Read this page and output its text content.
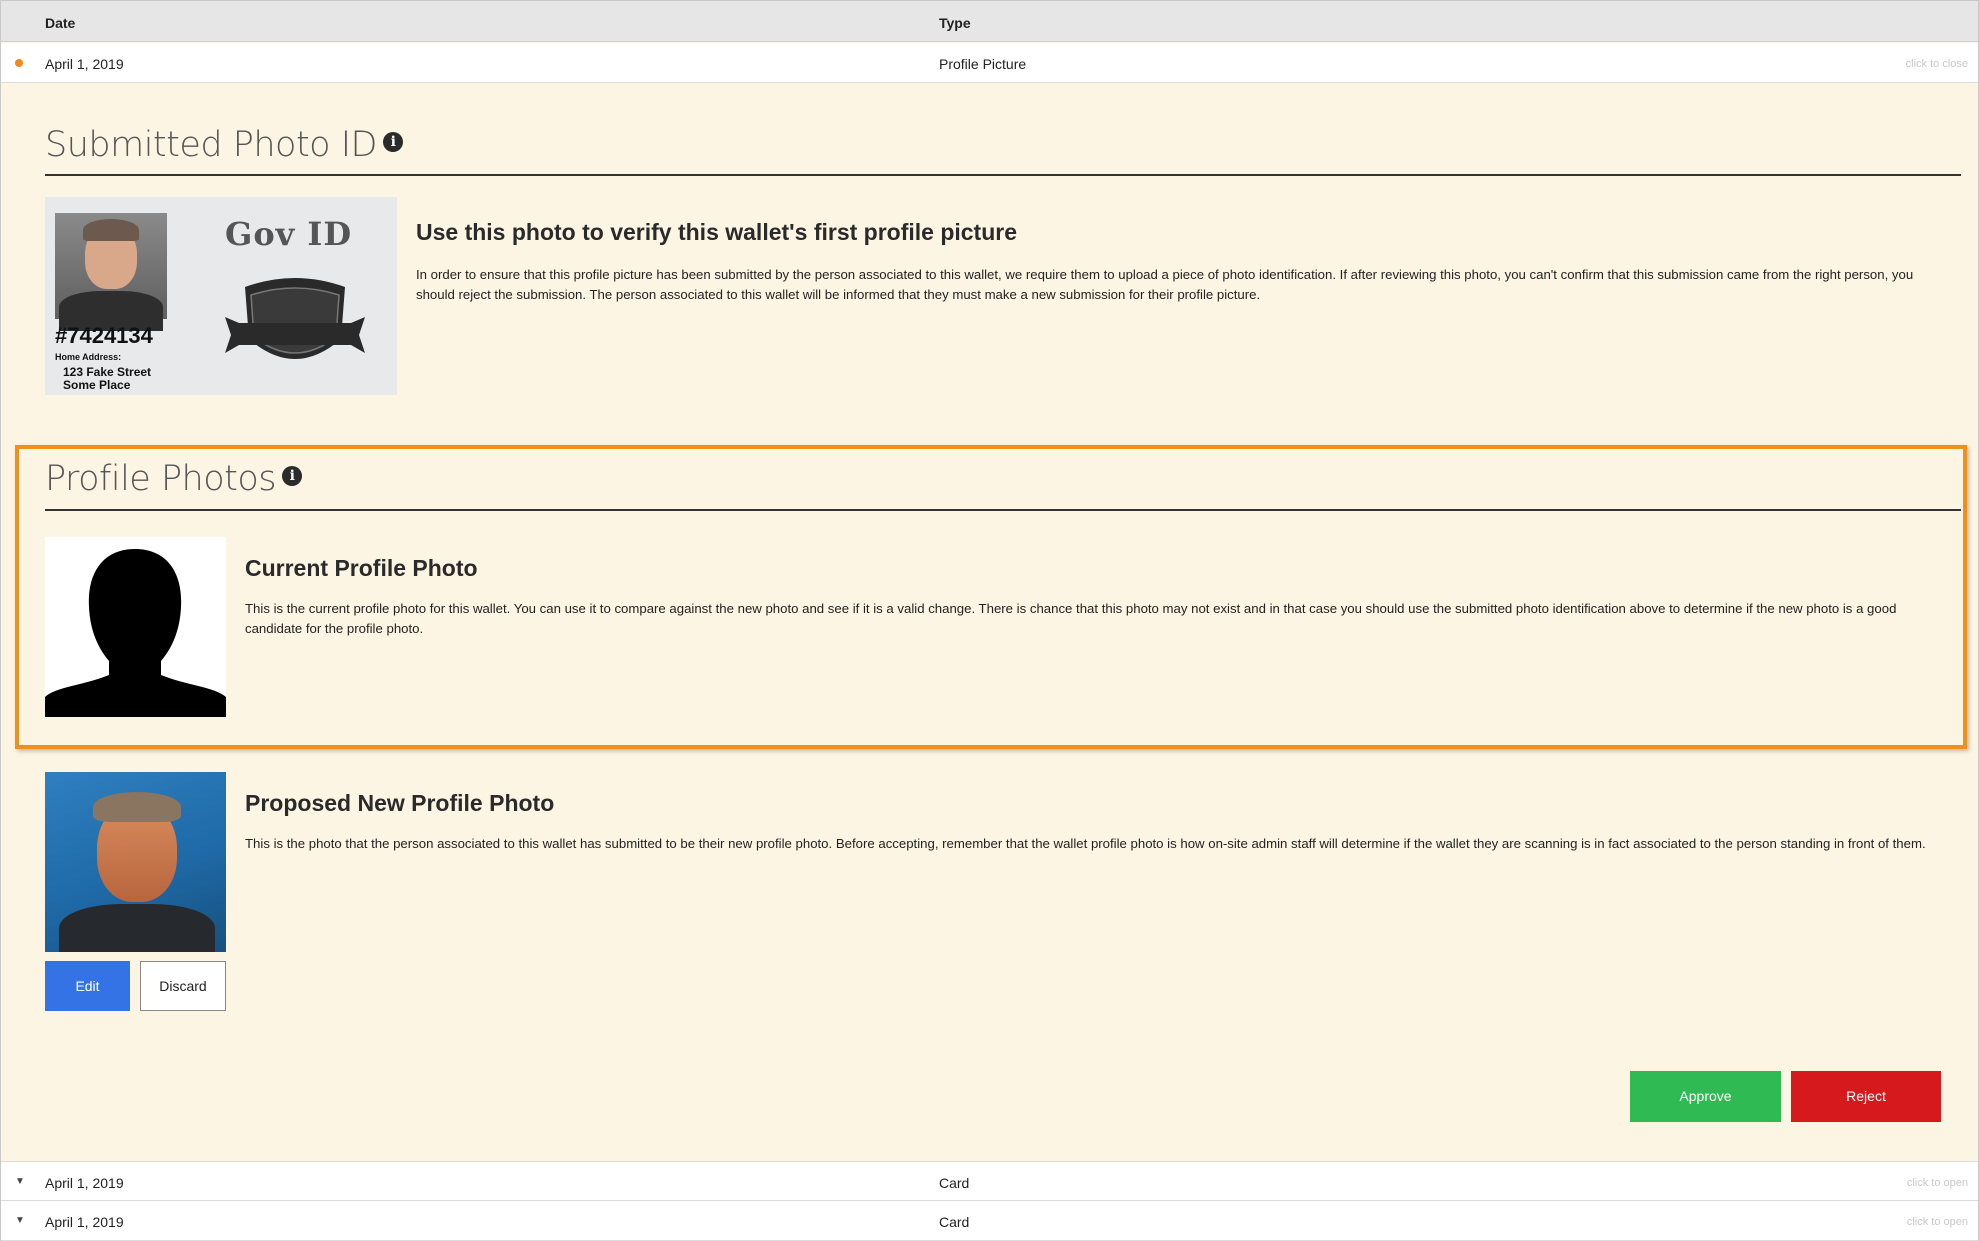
Date	Type
April 1, 2019	Profile Picture	click to close
Submitted Photo ID i
Gov ID
#7424134
Home Address:
123 Fake Street
Some Place
Use this photo to verify this wallet's first profile picture
In order to ensure that this profile picture has been submitted by the person associated to this wallet, we require them to upload a piece of photo identification. If after reviewing this photo, you can't confirm that this submission came from the right person, you should reject the submission. The person associated to this wallet will be informed that they must make a new submission for their profile picture.
Profile Photos i
Current Profile Photo
This is the current profile photo for this wallet. You can use it to compare against the new photo and see if it is a valid change. There is chance that this photo may not exist and in that case you should use the submitted photo identification above to determine if the new photo is a good candidate for the profile photo.
Proposed New Profile Photo
This is the photo that the person associated to this wallet has submitted to be their new profile photo. Before accepting, remember that the wallet profile photo is how on-site admin staff will determine if the wallet they are scanning is in fact associated to the person standing in front of them.
Edit	Discard
Approve	Reject
▼ April 1, 2019	Card	click to open
▼ April 1, 2019	Card	click to open
